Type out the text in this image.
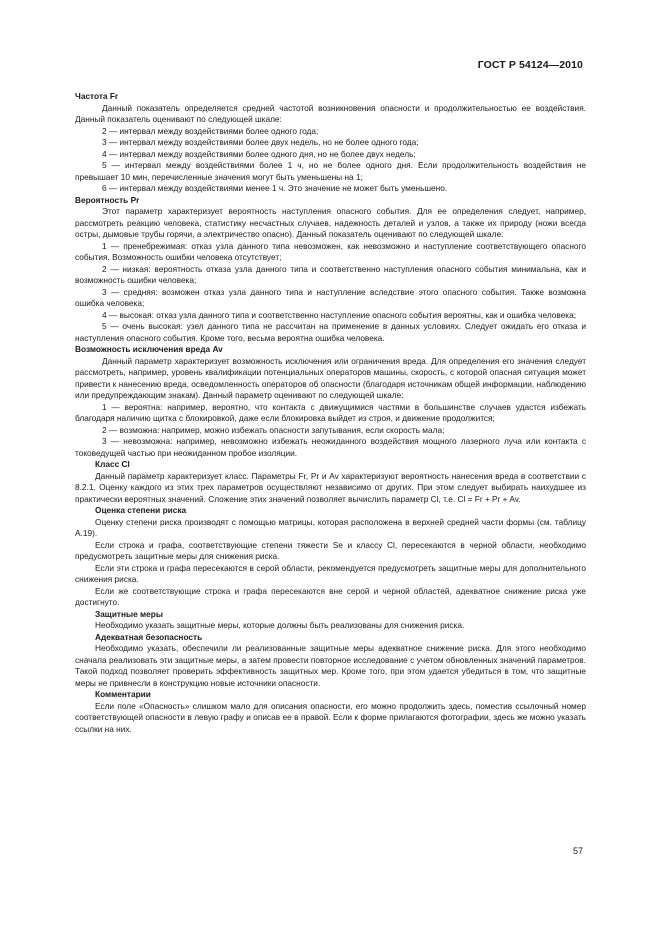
ГОСТ Р 54124—2010

Частота Fr

Данный показатель определяется средней частотой возникновения опасности и продолжительностью ее воздействия. Данный показатель оценивают по следующей шкале:

2 — интервал между воздействиями более одного года;

3 — интервал между воздействиями более двух недель, но не более одного года;

4 — интервал между воздействиями более одного дня, но не более двух недель;

5 — интервал между воздействиями более 1 ч, но не более одного дня. Если продолжительность воздействия не превышает 10 мин, перечисленные значения могут быть уменьшены на 1;

6 — интервал между воздействиями менее 1 ч. Это значение не может быть уменьшено.

Вероятность Pr

Этот параметр характеризует вероятность наступления опасного события. Для ее определения следует, например, рассмотреть реакцию человека, статистику несчастных случаев, надежность деталей и узлов, а также их природу (ножи всегда остры, дымовые трубы горячи, а электричество опасно). Данный показатель оценивают по следующей шкале:

1 — пренебрежимая: отказ узла данного типа невозможен, как невозможно и наступление соответствующего опасного события. Возможность ошибки человека отсутствует;

2 — низкая: вероятность отказа узла данного типа и соответственно наступления опасного события минимальна, как и возможность ошибки человека;

3 — средняя: возможен отказ узла данного типа и наступление вследствие этого опасного события. Также возможна ошибка человека;

4 — высокая: отказ узла данного типа и соответственно наступление опасного события вероятны, как и ошибка человека;

5 — очень высокая: узел данного типа не рассчитан на применение в данных условиях. Следует ожидать его отказа и наступления опасного события. Кроме того, весьма вероятна ошибка человека.

Возможность исключения вреда Av

Данный параметр характеризует возможность исключения или ограничения вреда. Для определения его значения следует рассмотреть, например, уровень квалификации потенциальных операторов машины, скорость, с которой опасная ситуация может привести к нанесению вреда, осведомленность операторов об опасности (благодаря источникам общей информации, наблюдению или предупреждающим знакам). Данный параметр оценивают по следующей шкале:

1 — вероятна: например, вероятно, что контакта с движущимися частями в большинстве случаев удастся избежать благодаря наличию щитка с блокировкой, даже если блокировка выйдет из строя, и движение продолжится;

2 — возможна: например, можно избежать опасности запутывания, если скорость мала;

3 — невозможна: например, невозможно избежать неожиданного воздействия мощного лазерного луча или контакта с токоведущей частью при неожиданном пробое изоляции.

Класс Cl

Данный параметр характеризует класс. Параметры Fr, Pr и Av характеризуют вероятность нанесения вреда в соответствии с 8.2.1. Оценку каждого из этих трех параметров осуществляют независимо от других. При этом следует выбирать наихудшее из практически вероятных значений. Сложение этих значений позволяет вычислить параметр Cl, т.е. Cl = Fr + Pr + Av.

Оценка степени риска

Оценку степени риска производят с помощью матрицы, которая расположена в верхней средней части формы (см. таблицу А.19).

Если строка и графа, соответствующие степени тяжести Se и классу Cl, пересекаются в черной области, необходимо предусмотреть защитные меры для снижения риска.

Если эти строка и графа пересекаются в серой области, рекомендуется предусмотреть защитные меры для дополнительного снижения риска.

Если же соответствующие строка и графа пересекаются вне серой и черной областей, адекватное снижение риска уже достигнуто.

Защитные меры

Необходимо указать защитные меры, которые должны быть реализованы для снижения риска.

Адекватная безопасность

Необходимо указать, обеспечили ли реализованные защитные меры адекватное снижение риска. Для этого необходимо сначала реализовать эти защитные меры, а затем провести повторное исследование с учетом обновленных значений параметров. Такой подход позволяет проверить эффективность защитных мер. Кроме того, при этом удается убедиться в том, что защитные меры не привнесли в конструкцию новые источники опасности.

Комментарии

Если поле «Опасность» слишком мало для описания опасности, его можно продолжить здесь, поместив ссылочный номер соответствующей опасности в левую графу и описав ее в правой. Если к форме прилагаются фотографии, здесь же можно указать ссылки на них.

57
